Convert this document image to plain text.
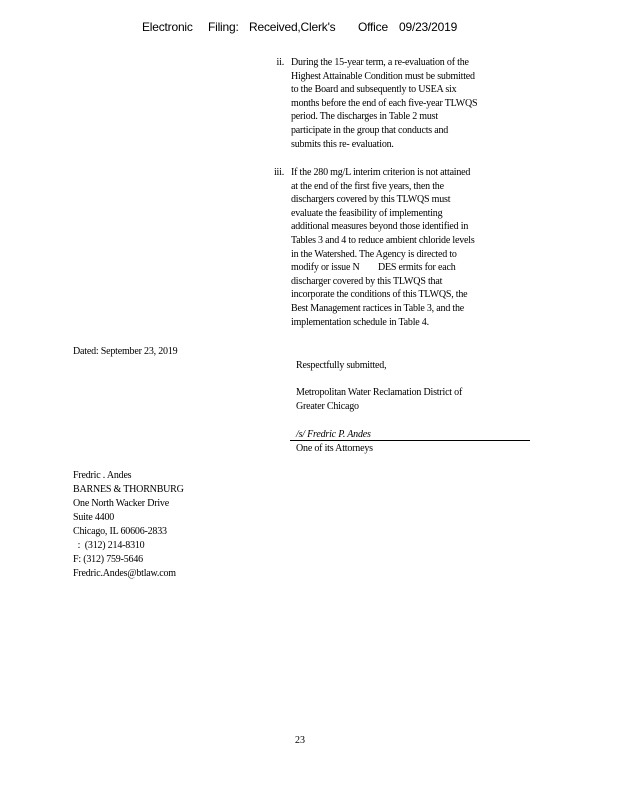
Electronic Filing: Received,Clerk's Office 09/23/2019
ii. During the 15-year term, a re-evaluation of the
Highest Attainable Condition must be submitted
to the Board and subsequently to USEA six
months before the end of each five-year TLWQS
period. The discharges in Table 2 must
participate in the group that conducts and
submits this re- evaluation.
iii. If the 280 mg/L interim criterion is not attained
at the end of the first five years, then the
dischargers covered by this TLWQS must
evaluate the feasibility of implementing
additional measures beyond those identified in
Tables 3 and 4 to reduce ambient chloride levels
in the Watershed. The Agency is directed to
modify or issue N        DES ermits for each
discharger covered by this TLWQS that
incorporate the conditions of this TLWQS, the
Best Management ractices in Table 3, and the
implementation schedule in Table 4.
Dated: September 23, 2019
Respectfully submitted,
Metropolitan Water Reclamation District of
Greater Chicago
/s/ Fredric P. Andes
One of its Attorneys
Fredric . Andes
BARNES & THORNBURG
One North Wacker Drive
Suite 4400
Chicago, IL 60606-2833
:  (312) 214-8310
F: (312) 759-5646
Fredric.Andes@btlaw.com
23
